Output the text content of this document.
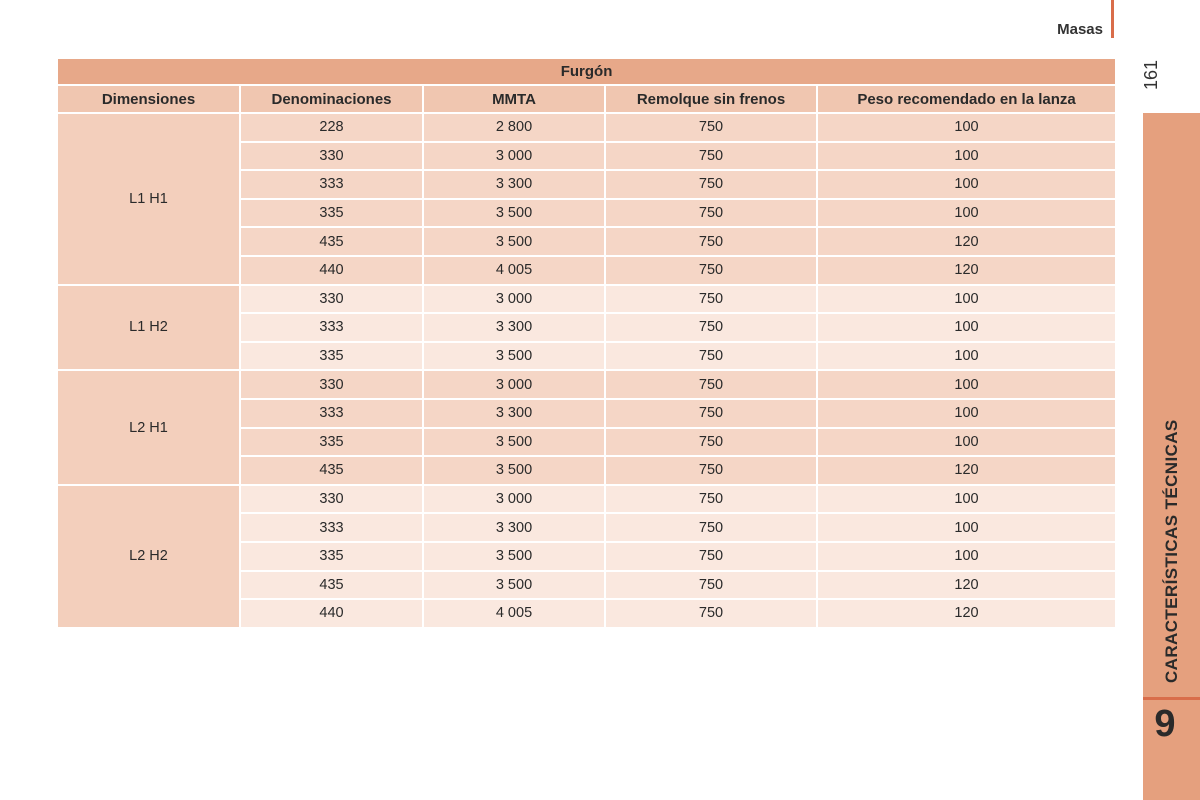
Masas
161
CARACTERÍSTICAS TÉCNICAS
9
Furgón				
Dimensiones	Denominaciones	MMTA	Remolque sin frenos	Peso recomendado en la lanza
L1 H1	228	2 800	750	100
	330	3 000	750	100
	333	3 300	750	100
	335	3 500	750	100
	435	3 500	750	120
	440	4 005	750	120
L1 H2	330	3 000	750	100
	333	3 300	750	100
	335	3 500	750	100
L2 H1	330	3 000	750	100
	333	3 300	750	100
	335	3 500	750	100
	435	3 500	750	120
L2 H2	330	3 000	750	100
	333	3 300	750	100
	335	3 500	750	100
	435	3 500	750	120
	440	4 005	750	120
